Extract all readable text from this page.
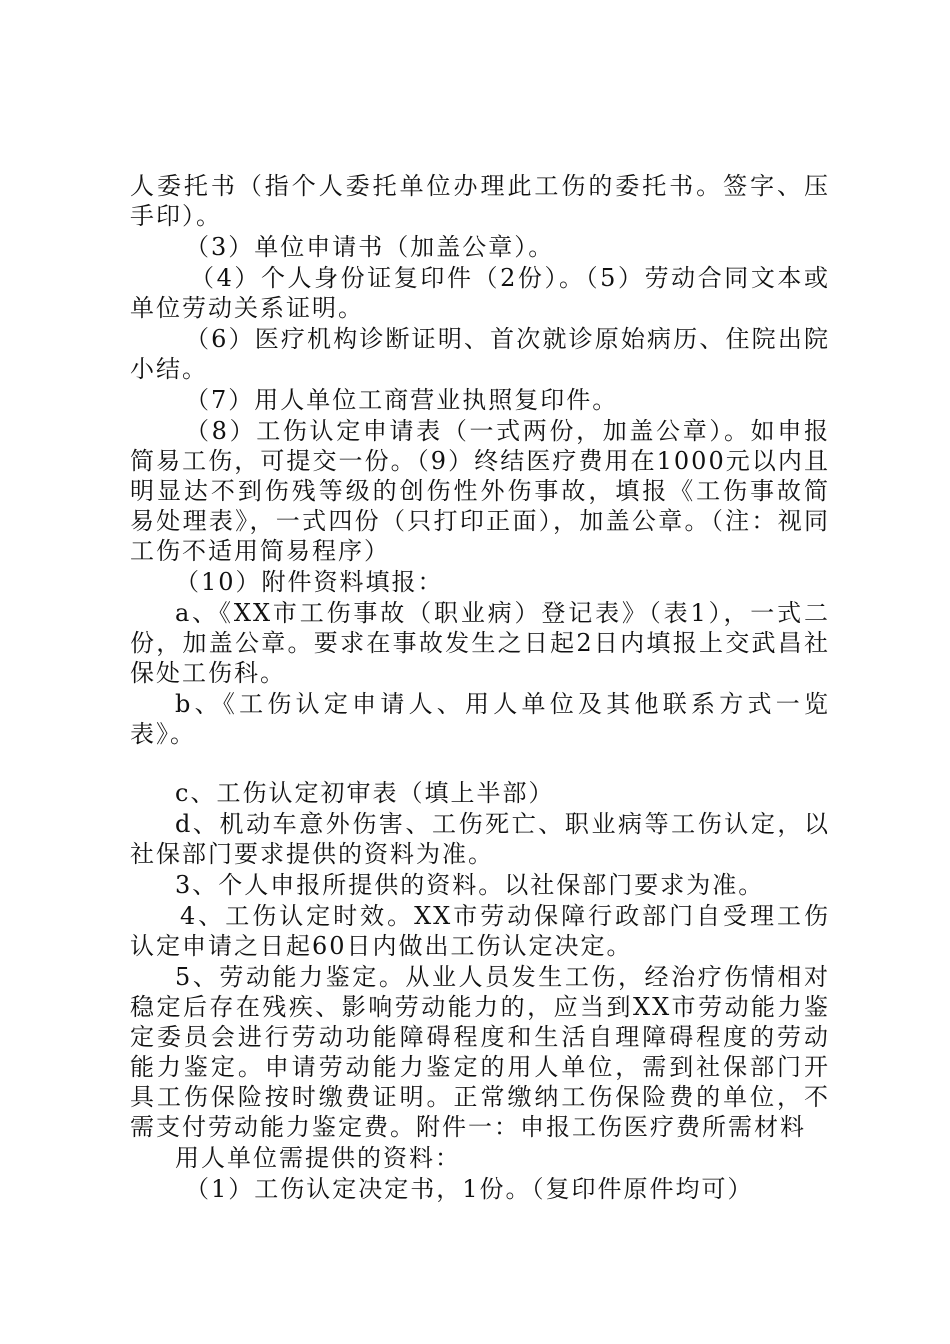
人委托书（指个人委托单位办理此工伤的委托书。签字、压手印）。

（3）单位申请书（加盖公章）。

（4）个人身份证复印件（2份）。（5）劳动合同文本或单位劳动关系证明。

（6）医疗机构诊断证明、首次就诊原始病历、住院出院小结。

（7）用人单位工商营业执照复印件。

（8）工伤认定申请表（一式两份，加盖公章）。如申报简易工伤，可提交一份。（9）终结医疗费用在1000元以内且明显达不到伤残等级的创伤性外伤事故，填报《工伤事故简易处理表》，一式四份（只打印正面），加盖公章。（注：视同工伤不适用简易程序）

（10）附件资料填报：

a、《XX市工伤事故（职业病）登记表》（表1），一式二份，加盖公章。要求在事故发生之日起2日内填报上交武昌社保处工伤科。

b、《工伤认定申请人、用人单位及其他联系方式一览表》。

c、工伤认定初审表（填上半部）

d、机动车意外伤害、工伤死亡、职业病等工伤认定，以社保部门要求提供的资料为准。

3、个人申报所提供的资料。以社保部门要求为准。

4、工伤认定时效。XX市劳动保障行政部门自受理工伤认定申请之日起60日内做出工伤认定决定。

5、劳动能力鉴定。从业人员发生工伤，经治疗伤情相对稳定后存在残疾、影响劳动能力的，应当到XX市劳动能力鉴定委员会进行劳动功能障碍程度和生活自理障碍程度的劳动能力鉴定。申请劳动能力鉴定的用人单位，需到社保部门开具工伤保险按时缴费证明。正常缴纳工伤保险费的单位，不需支付劳动能力鉴定费。附件一：申报工伤医疗费所需材料

用人单位需提供的资料：

（1）工伤认定决定书，1份。（复印件原件均可）
